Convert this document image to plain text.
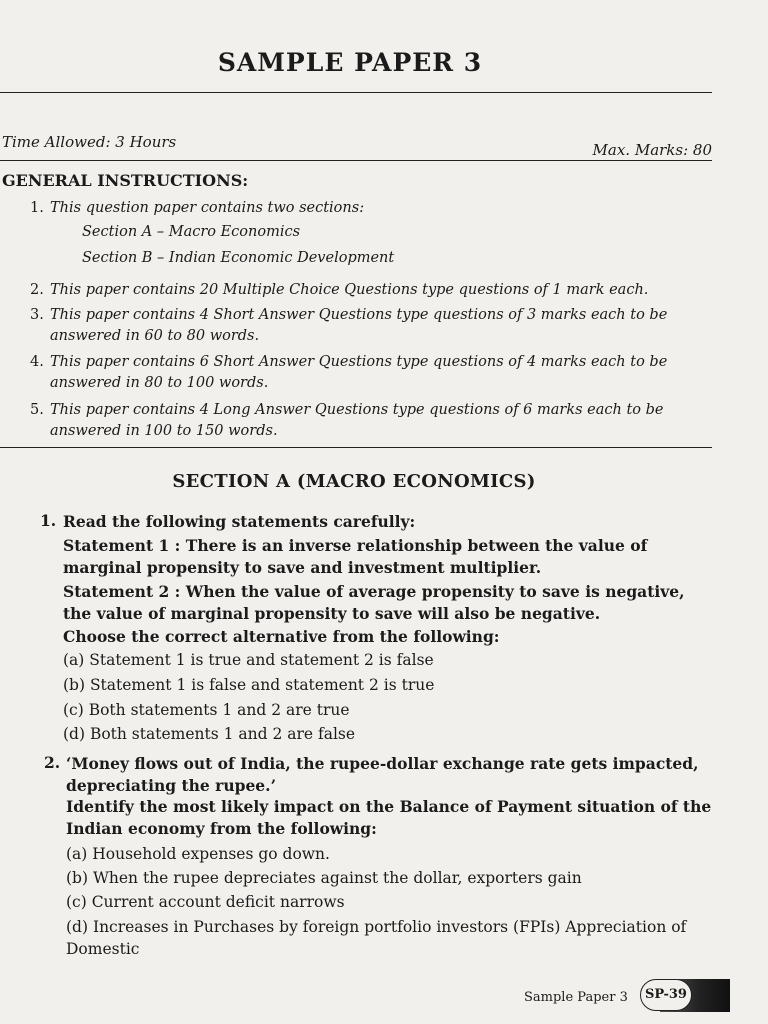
SAMPLE PAPER 3
Time Allowed: 3 Hours	Max. Marks: 80
GENERAL INSTRUCTIONS:
1. This question paper contains two sections:
Section A – Macro Economics
Section B – Indian Economic Development
2. This paper contains 20 Multiple Choice Questions type questions of 1 mark each.
3. This paper contains 4 Short Answer Questions type questions of 3 marks each to be answered in 60 to 80 words.
4. This paper contains 6 Short Answer Questions type questions of 4 marks each to be answered in 80 to 100 words.
5. This paper contains 4 Long Answer Questions type questions of 6 marks each to be answered in 100 to 150 words.
SECTION A (MACRO ECONOMICS)
1. Read the following statements carefully:
Statement 1 : There is an inverse relationship between the value of marginal propensity to save and investment multiplier.
Statement 2 : When the value of average propensity to save is negative, the value of marginal propensity to save will also be negative.
Choose the correct alternative from the following:
(a) Statement 1 is true and statement 2 is false
(b) Statement 1 is false and statement 2 is true
(c) Both statements 1 and 2 are true
(d) Both statements 1 and 2 are false
2. ‘Money flows out of India, the rupee-dollar exchange rate gets impacted, depreciating the rupee.’
Identify the most likely impact on the Balance of Payment situation of the Indian economy from the following:
(a) Household expenses go down.
(b) When the rupee depreciates against the dollar, exporters gain
(c) Current account deficit narrows
(d) Increases in Purchases by foreign portfolio investors (FPIs) Appreciation of Domestic
Sample Paper 3	SP-39
